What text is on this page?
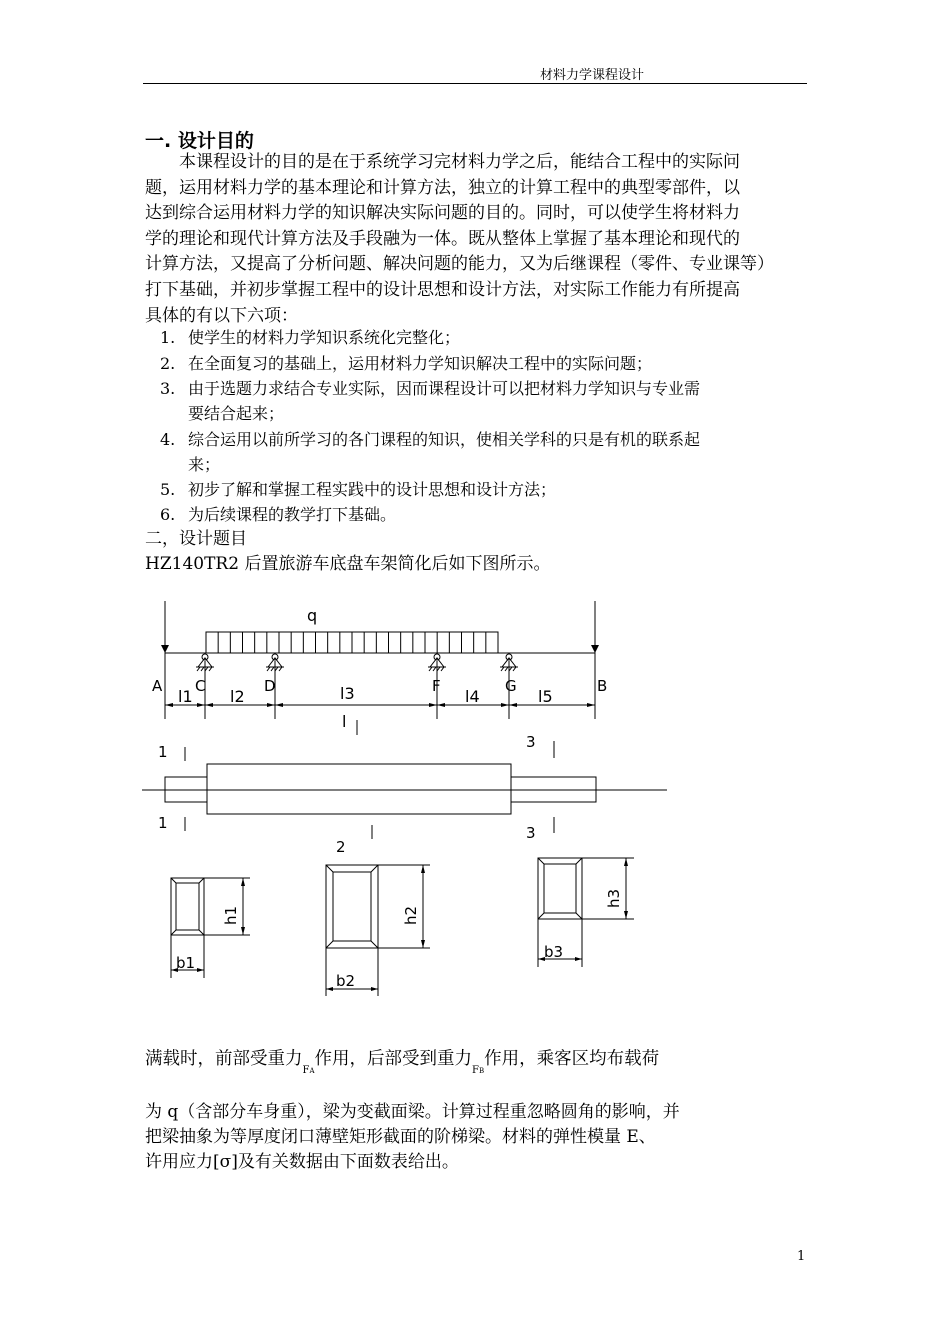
材料力学课程设计
一. 设计目的
本课程设计的目的是在于系统学习完材料力学之后，能结合工程中的实际问
题，运用材料力学的基本理论和计算方法，独立的计算工程中的典型零部件，以
达到综合运用材料力学的知识解决实际问题的目的。同时，可以使学生将材料力
学的理论和现代计算方法及手段融为一体。既从整体上掌握了基本理论和现代的
计算方法，又提高了分析问题、解决问题的能力，又为后继课程（零件、专业课等）
打下基础，并初步掌握工程中的设计思想和设计方法，对实际工作能力有所提高
具体的有以下六项：
1. 使学生的材料力学知识系统化完整化；
2. 在全面复习的基础上，运用材料力学知识解决工程中的实际问题；
3. 由于选题力求结合专业实际，因而课程设计可以把材料力学知识与专业需
要结合起来；
4. 综合运用以前所学习的各门课程的知识，使相关学科的只是有机的联系起
来；
5. 初步了解和掌握工程实践中的设计思想和设计方法；
6. 为后续课程的教学打下基础。
二，设计题目
HZ140TR2 后置旅游车底盘车架简化后如下图所示。
q
A C	D	F	G	B
l1 l2	l3	l4	l5
l
1
1
3
3
2
b1
h1
b2
h2
b3
h3
满载时，前部受重力$_{FA}$作用，后部受到重力$_{FB}$作用，乘客区均布载荷
为 q（含部分车身重），梁为变截面梁。计算过程重忽略圆角的影响，并
把梁抽象为等厚度闭口薄壁矩形截面的阶梯梁。材料的弹性模量 E、
许用应力[σ]及有关数据由下面数表给出。
1
